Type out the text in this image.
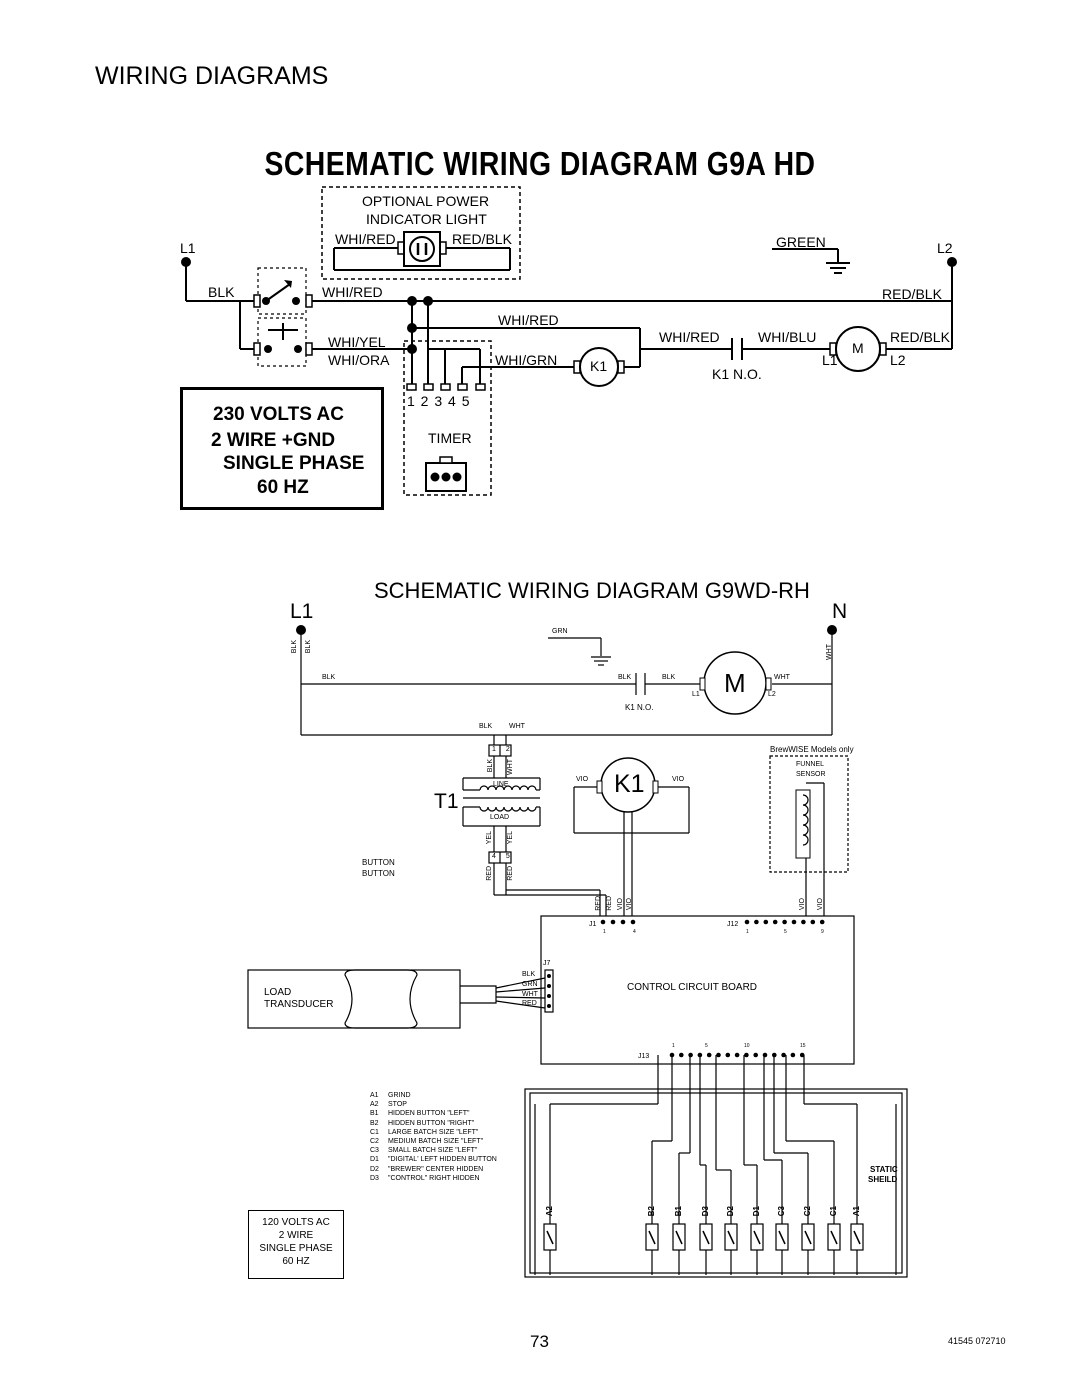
WIRING DIAGRAMS
SCHEMATIC WIRING DIAGRAM G9A HD
OPTIONAL POWER
INDICATOR LIGHT
L1	L2
WHI/RED	RED/BLK	GREEN
BLK	WHI/RED	RED/BLK
WHI/RED
WHI/YEL	WHI/RED	WHI/BLU	RED/BLK
M
WHI/ORA	WHI/GRN K1	L1	L2
K1 N.O.
1 2 3 4 5
TIMER
230 VOLTS AC
2 WIRE +GND
SINGLE PHASE
60 HZ
SCHEMATIC WIRING DIAGRAM G9WD-RH
L1	N
GRN
BLK BLK	WHT
BLK	BLK	BLK	WHT
M
L1	L2
K1 N.O.
BLK WHT
1 2
BLK WHT
LINE
T1
LOAD
YEL YEL
4 5
RED RED
BUTTON
BUTTON
K1
VIO	VIO
BrewWISE Models only
FUNNEL
SENSOR
RED RED VIO VIO	VIO VIO
J1	J12
1	4	1	5	9
J7
BLK
GRN
WHT
RED
CONTROL CIRCUIT BOARD
LOAD
TRANSDUCER
J13
1	5	10	15
STATIC
SHEILD
A1 GRIND
A2 STOP
B1 HIDDEN BUTTON "LEFT"
B2 HIDDEN BUTTON "RIGHT"
C1 LARGE BATCH SIZE "LEFT"
C2 MEDIUM BATCH SIZE "LEFT"
C3 SMALL BATCH SIZE "LEFT"
D1 "DIGITAL' LEFT HIDDEN BUTTON
D2 "BREWER" CENTER HIDDEN
D3 "CONTROL" RIGHT HIDDEN
A2	B2 B1 D3 D2 D1 C3 C2 C1 A1
120 VOLTS AC
2 WIRE
SINGLE PHASE
60 HZ
73	41545 072710
